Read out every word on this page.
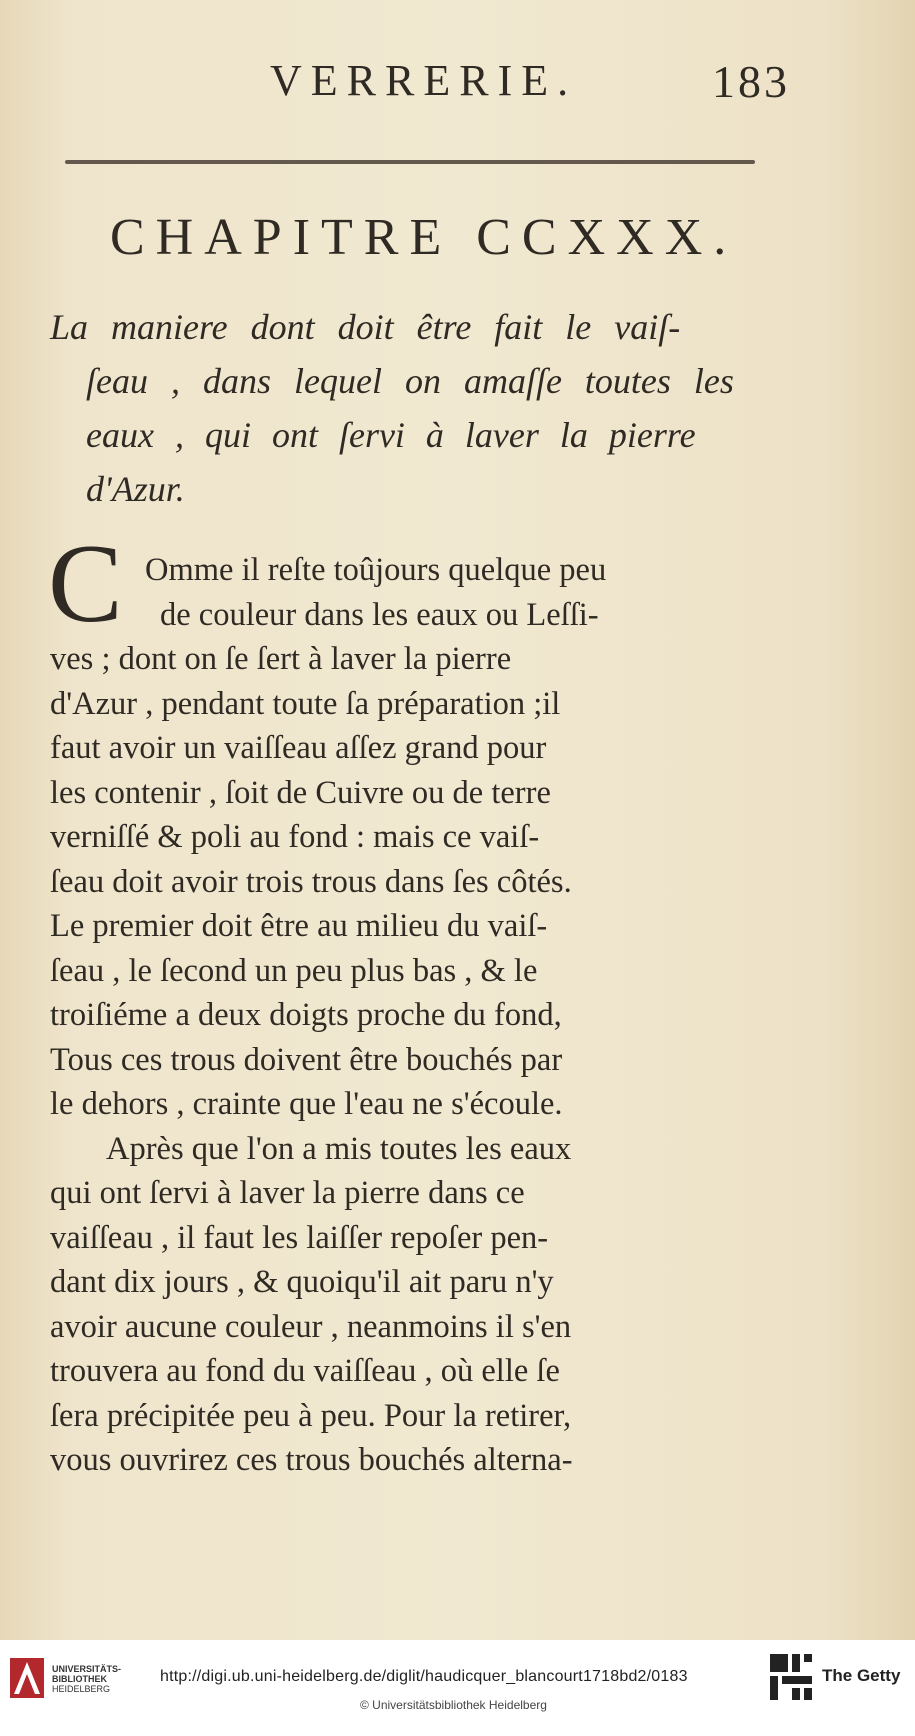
VERRERIE.	183
CHAPITRE CCXXX.
La maniere dont doit être fait le vaiſ-
ſeau , dans lequel on amaſſe toutes les
eaux , qui ont ſervi à laver la pierre
d'Azur.
C Omme il reſte toûjours quelque peu
de couleur dans les eaux ou Leſſi-
ves ; dont on ſe ſert à laver la pierre
d'Azur , pendant toute ſa préparation ;il
faut avoir un vaiſſeau aſſez grand pour
les contenir , ſoit de Cuivre ou de terre
verniſſé & poli au fond : mais ce vaiſ-
ſeau doit avoir trois trous dans ſes côtés.
Le premier doit être au milieu du vaiſ-
ſeau , le ſecond un peu plus bas , & le
troiſiéme a deux doigts proche du fond,
Tous ces trous doivent être bouchés par
le dehors , crainte que l'eau ne s'écoule.
Après que l'on a mis toutes les eaux
qui ont ſervi à laver la pierre dans ce
vaiſſeau , il faut les laiſſer repoſer pen-
dant dix jours , & quoiqu'il ait paru n'y
avoir aucune couleur , neanmoins il s'en
trouvera au fond du vaiſſeau , où elle ſe
ſera précipitée peu à peu. Pour la retirer,
vous ouvrirez ces trous bouchés alterna-
UNIVERSITÄTS-
BIBLIOTHEK
HEIDELBERG
http://digi.ub.uni-heidelberg.de/diglit/haudicquer_blancourt1718bd2/0183
© Universitätsbibliothek Heidelberg
The Getty
